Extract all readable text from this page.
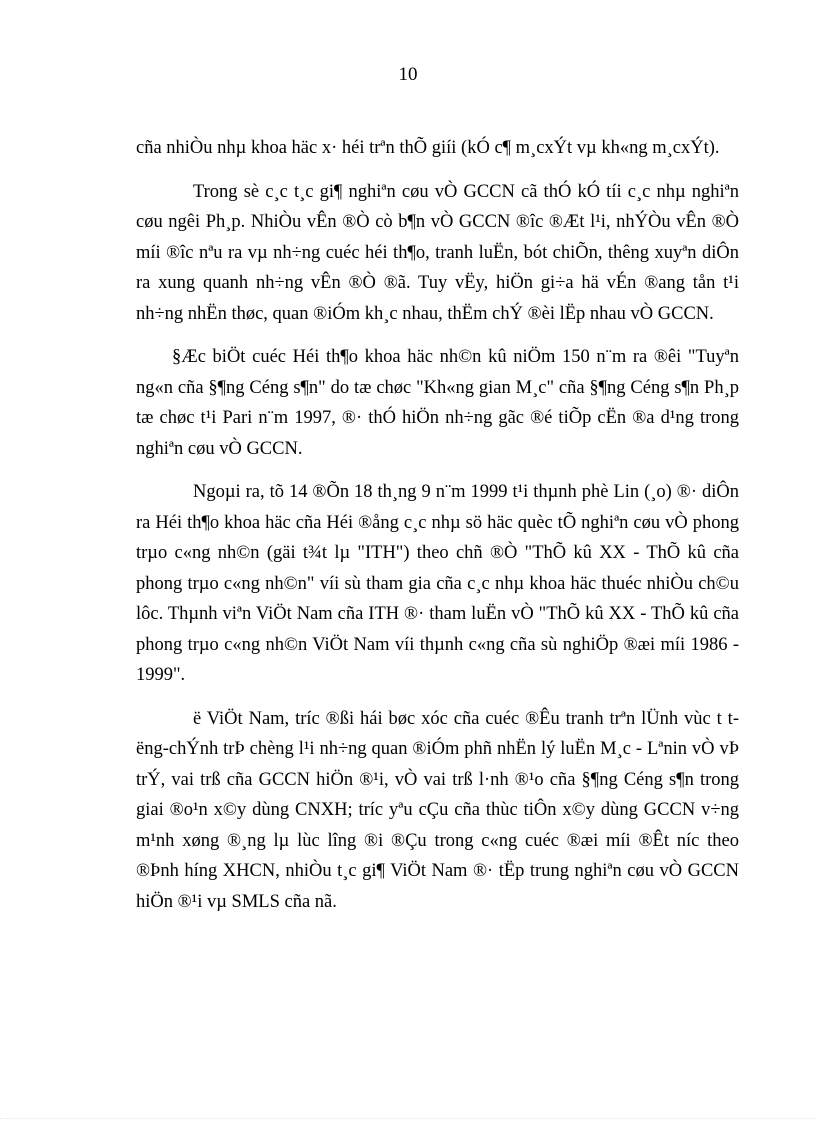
10

cña nhiÒu nhµ khoa häc x· héi trªn thÕ giíi (kÓ c¶ m¸cxÝt vµ kh«ng m¸cxÝt).

Trong sè c¸c t¸c gi¶ nghiªn cøu vÒ GCCN cã thÓ kÓ tíi c¸c nhµ nghiªn cøu ngêi Ph¸p. NhiÒu vÊn ®Ò cò b¶n vÒ GCCN ®îc ®Æt l¹i, nhÝÒu vÊn ®Ò míi ®îc nªu ra vµ nh÷ng cuéc héi th¶o, tranh luËn, bót chiÕn, thêng xuyªn diÔn ra xung quanh nh÷ng vÊn ®Ò ®ã. Tuy vËy, hiÖn gi÷a hä vÉn ®ang tån t¹i nh÷ng nhËn thøc, quan ®iÓm kh¸c nhau, thËm chÝ ®èi lËp nhau vÒ GCCN.

§Æc biÖt cuéc Héi th¶o khoa häc nh©n kû niÖm 150 n¨m ra ®êi "Tuyªn ng«n cña §¶ng Céng s¶n" do tæ chøc "Kh«ng gian M¸c" cña §¶ng Céng s¶n Ph¸p tæ chøc t¹i Pari n¨m 1997, ®· thÓ hiÖn nh÷ng gãc ®é tiÕp cËn ®a d¹ng trong nghiªn cøu vÒ GCCN.

Ngoµi ra, tõ 14 ®Õn 18 th¸ng 9 n¨m 1999 t¹i thµnh phè Lin (¸o) ®· diÔn ra Héi th¶o khoa häc cña Héi ®ång c¸c nhµ sö häc quèc tÕ nghiªn cøu vÒ phong trµo c«ng nh©n (gäi t¾t lµ "ITH") theo chñ ®Ò "ThÕ kû XX - ThÕ kû cña phong trµo c«ng nh©n" víi sù tham gia cña c¸c nhµ khoa häc thuéc nhiÒu ch©u lôc. Thµnh viªn ViÖt Nam cña ITH ®· tham luËn vÒ "ThÕ kû XX - ThÕ kû cña phong trµo c«ng nh©n ViÖt Nam víi thµnh c«ng cña sù nghiÖp ®æi míi 1986 - 1999".

ë ViÖt Nam, tríc ®ßi hái bøc xóc cña cuéc ®Êu tranh trªn lÜnh vùc t tëng-chÝnh trÞ chèng l¹i nh÷ng quan ®iÓm phñ nhËn lý luËn M¸c - Lªnin vÒ vÞ trÝ, vai trß cña GCCN hiÖn ®¹i, vÒ vai trß l·nh ®¹o cña §¶ng Céng s¶n trong giai ®o¹n x©y dùng CNXH; tríc yªu cÇu cña thùc tiÔn x©y dùng GCCN v÷ng m¹nh xøng ®¸ng lµ lùc lîng ®i ®Çu trong c«ng cuéc ®æi míi ®Êt níc theo ®Þnh híng XHCN, nhiÒu t¸c gi¶ ViÖt Nam ®· tËp trung nghiªn cøu vÒ GCCN hiÖn ®¹i vµ SMLS cña nã.
